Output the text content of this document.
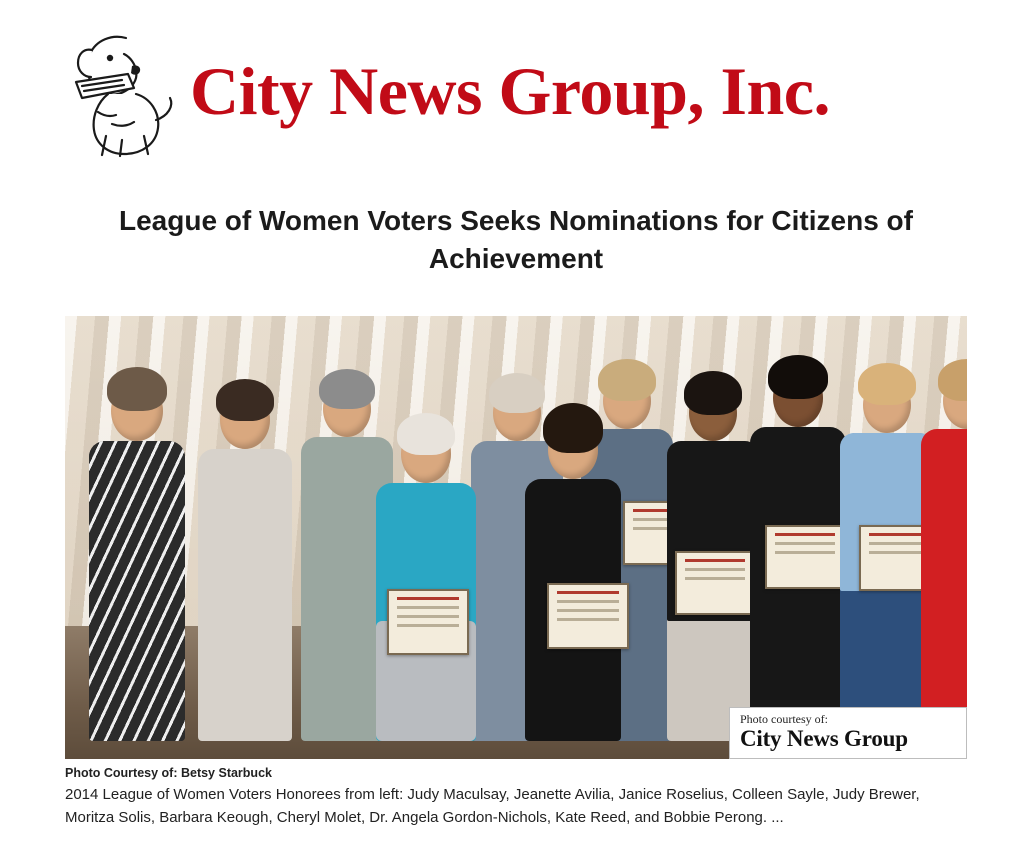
City News Group, Inc.
League of Women Voters Seeks Nominations for Citizens of Achievement
Photo courtesy of:
City News Group
Photo Courtesy of: Betsy Starbuck
2014 League of Women Voters Honorees from left: Judy Maculsay, Jeanette Avilia, Janice Roselius, Colleen Sayle, Judy Brewer, Moritza Solis, Barbara Keough, Cheryl Molet, Dr. Angela Gordon-Nichols, Kate Reed, and Bobbie Perong. ...
